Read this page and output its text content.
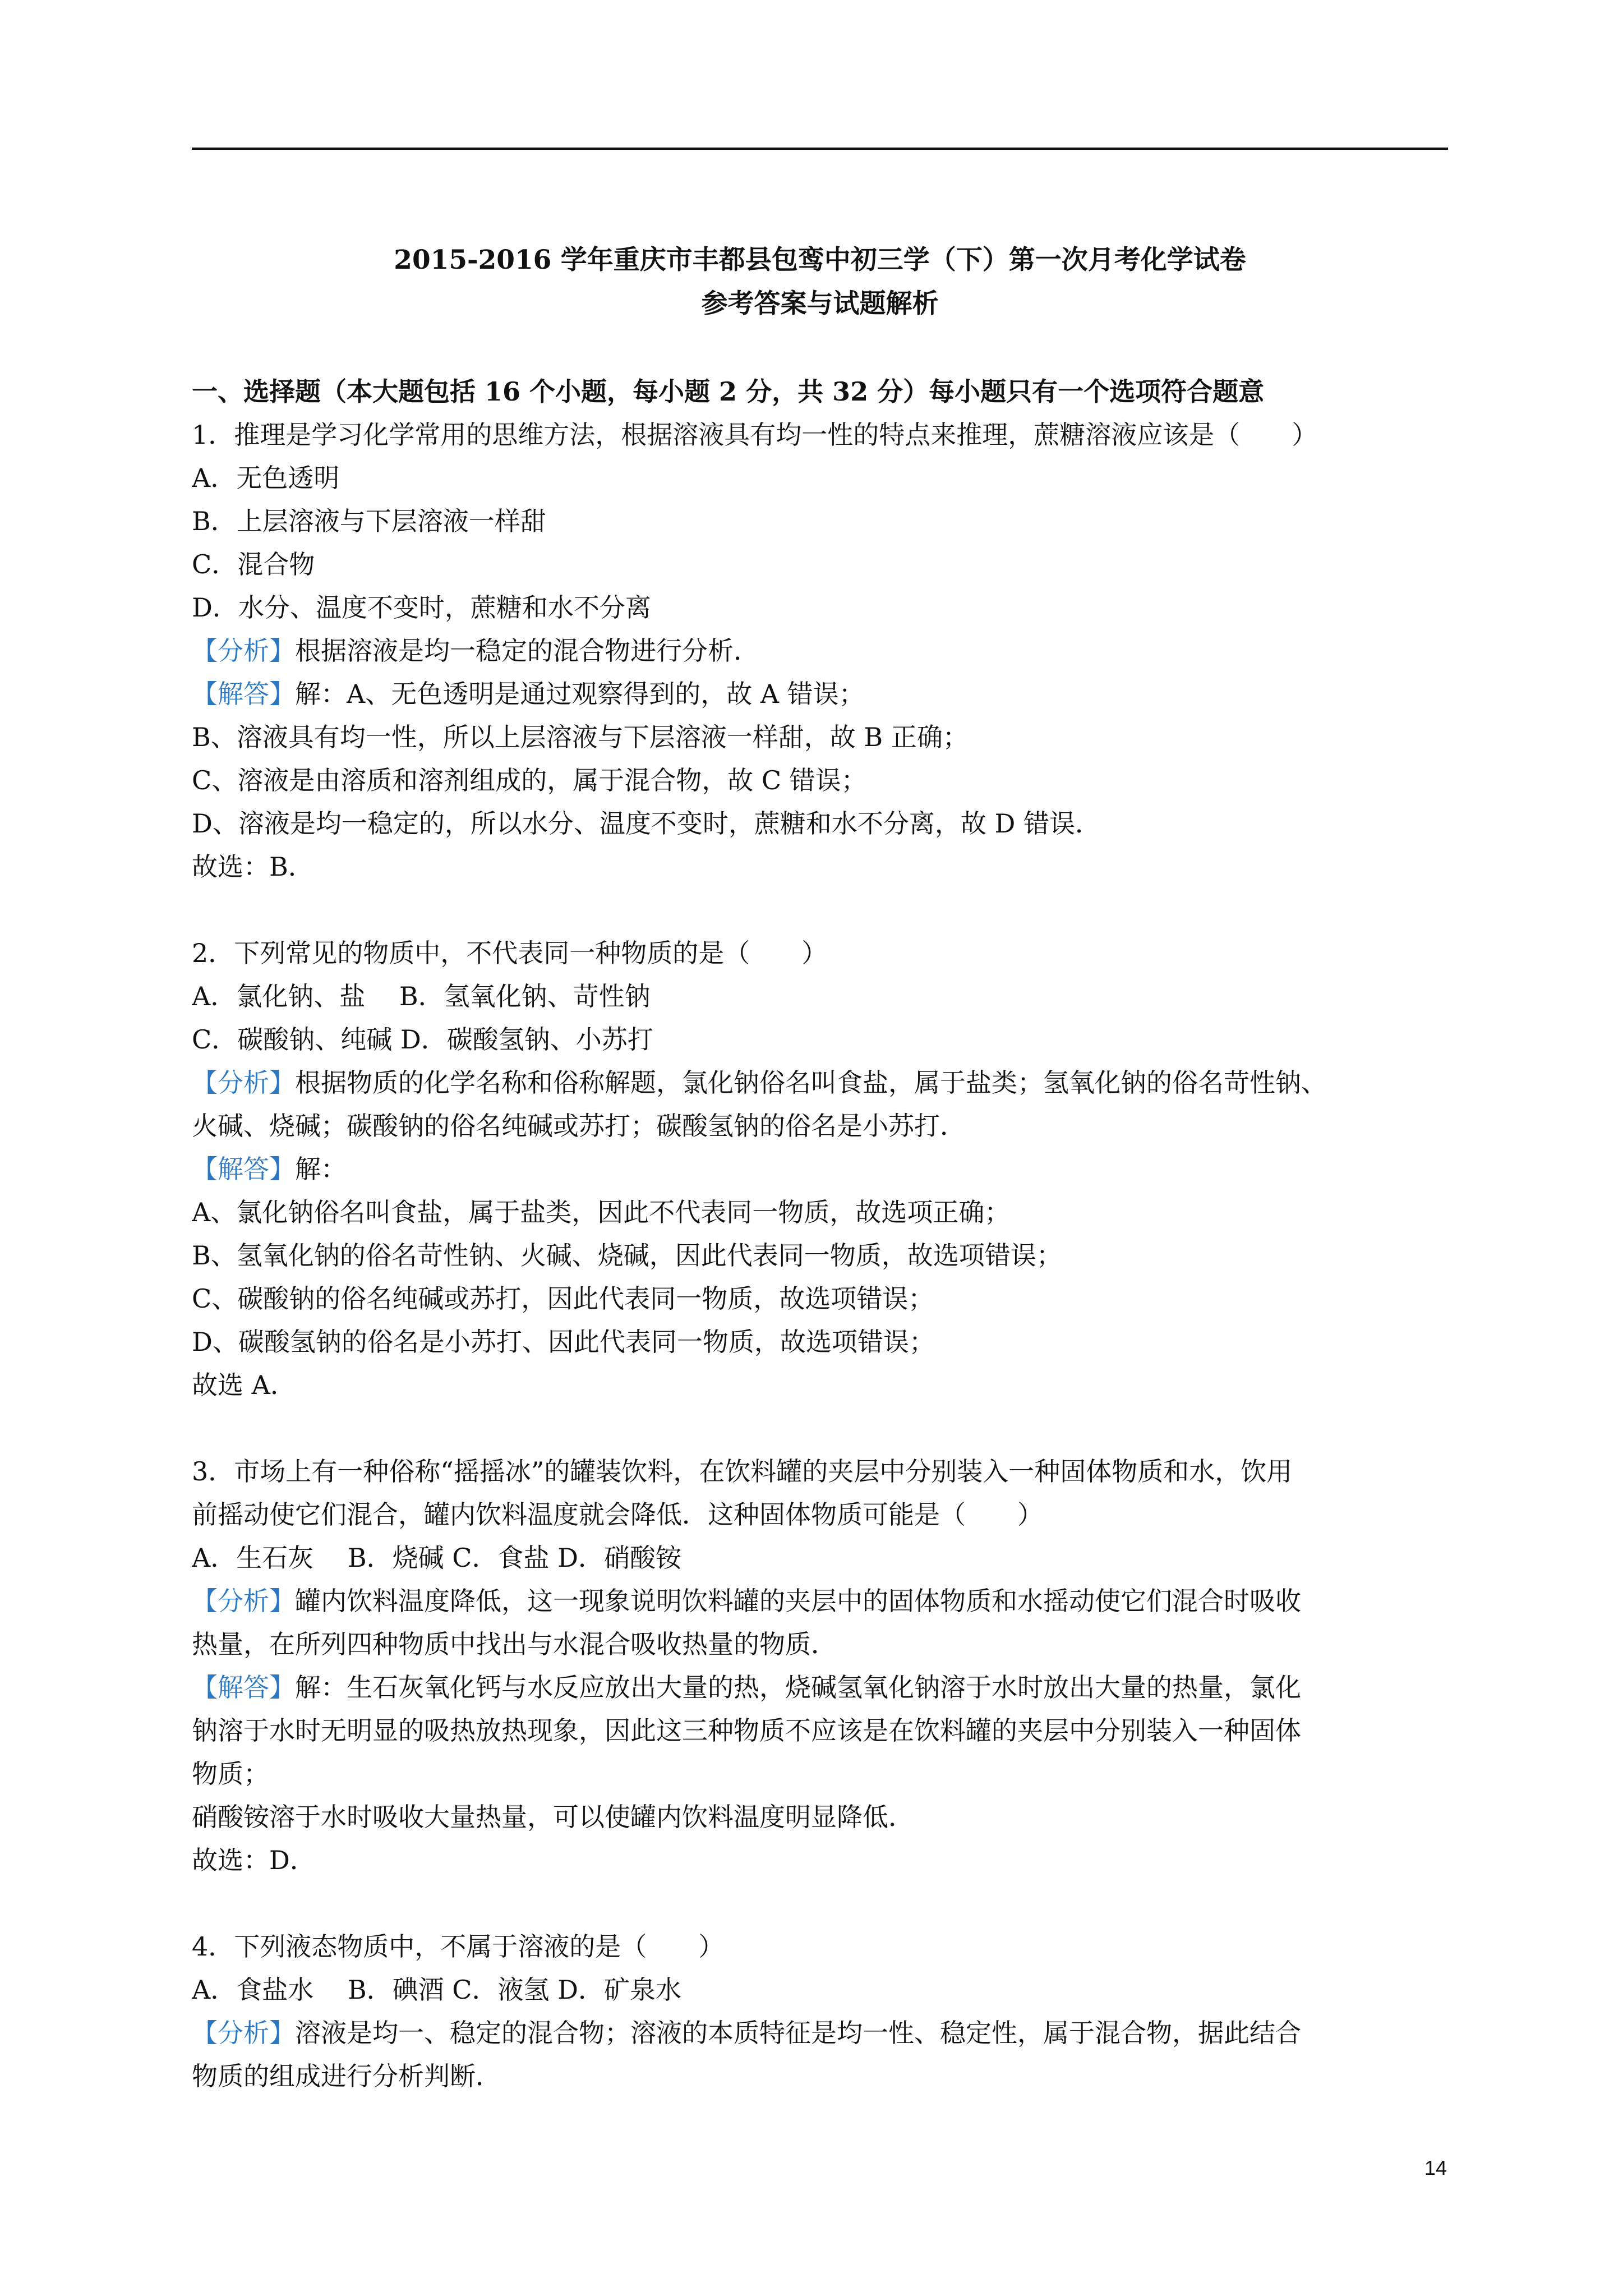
2015-2016 学年重庆市丰都县包鸾中初三学（下）第一次月考化学试卷
参考答案与试题解析
一、选择题（本大题包括 16 个小题，每小题 2 分，共 32 分）每小题只有一个选项符合题意
1．推理是学习化学常用的思维方法，根据溶液具有均一性的特点来推理，蔗糖溶液应该是（　　）
A．无色透明
B．上层溶液与下层溶液一样甜
C．混合物
D．水分、温度不变时，蔗糖和水不分离
【分析】根据溶液是均一稳定的混合物进行分析．
【解答】解：A、无色透明是通过观察得到的，故 A 错误；
B、溶液具有均一性，所以上层溶液与下层溶液一样甜，故 B 正确；
C、溶液是由溶质和溶剂组成的，属于混合物，故 C 错误；
D、溶液是均一稳定的，所以水分、温度不变时，蔗糖和水不分离，故 D 错误．
故选：B．
2．下列常见的物质中，不代表同一种物质的是（　　）
A．氯化钠、盐　 B．氢氧化钠、苛性钠
C．碳酸钠、纯碱 D．碳酸氢钠、小苏打
【分析】根据物质的化学名称和俗称解题，氯化钠俗名叫食盐，属于盐类；氢氧化钠的俗名苛性钠、
火碱、烧碱；碳酸钠的俗名纯碱或苏打；碳酸氢钠的俗名是小苏打．
【解答】解：
A、氯化钠俗名叫食盐，属于盐类，因此不代表同一物质，故选项正确；
B、氢氧化钠的俗名苛性钠、火碱、烧碱，因此代表同一物质，故选项错误；
C、碳酸钠的俗名纯碱或苏打，因此代表同一物质，故选项错误；
D、碳酸氢钠的俗名是小苏打、因此代表同一物质，故选项错误；
故选 A．
3．市场上有一种俗称“摇摇冰”的罐装饮料，在饮料罐的夹层中分别装入一种固体物质和水，饮用
前摇动使它们混合，罐内饮料温度就会降低．这种固体物质可能是（　　）
A．生石灰　 B．烧碱 C．食盐 D．硝酸铵
【分析】罐内饮料温度降低，这一现象说明饮料罐的夹层中的固体物质和水摇动使它们混合时吸收
热量，在所列四种物质中找出与水混合吸收热量的物质．
【解答】解：生石灰氧化钙与水反应放出大量的热，烧碱氢氧化钠溶于水时放出大量的热量，氯化
钠溶于水时无明显的吸热放热现象，因此这三种物质不应该是在饮料罐的夹层中分别装入一种固体
物质；
硝酸铵溶于水时吸收大量热量，可以使罐内饮料温度明显降低．
故选：D．
4．下列液态物质中，不属于溶液的是（　　）
A．食盐水　 B．碘酒 C．液氢 D．矿泉水
【分析】溶液是均一、稳定的混合物；溶液的本质特征是均一性、稳定性，属于混合物，据此结合
物质的组成进行分析判断．
14
